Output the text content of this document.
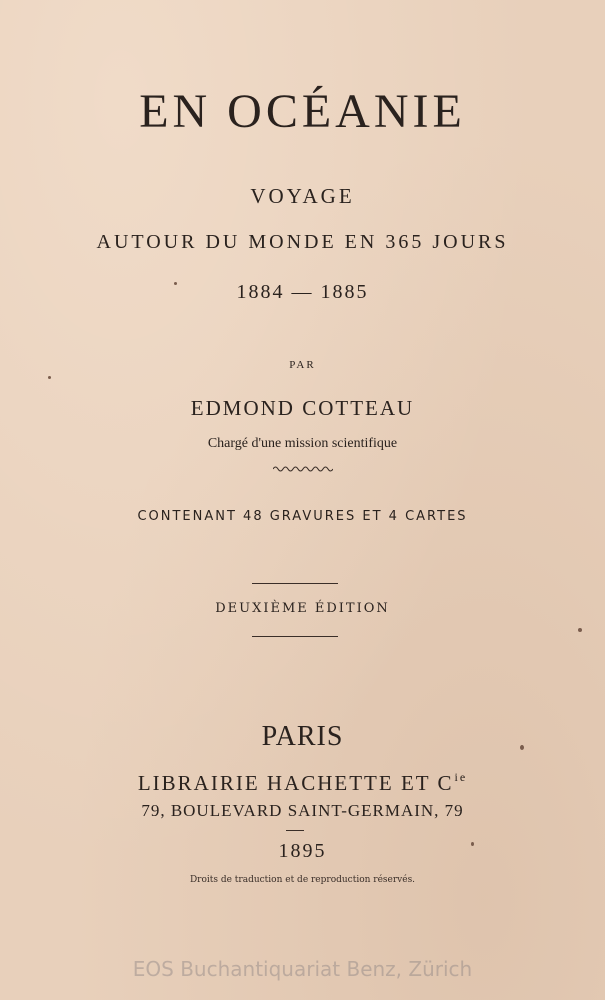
EN OCÉANIE
VOYAGE
AUTOUR DU MONDE EN 365 JOURS
1884 — 1885
PAR
EDMOND COTTEAU
Chargé d'une mission scientifique
CONTENANT 48 GRAVURES ET 4 CARTES
DEUXIÈME ÉDITION
PARIS
LIBRAIRIE HACHETTE ET $C^{ie}$
79, BOULEVARD SAINT-GERMAIN, 79
1895
Droits de traduction et de reproduction réservés.
EOS Buchantiquariat Benz, Zürich
